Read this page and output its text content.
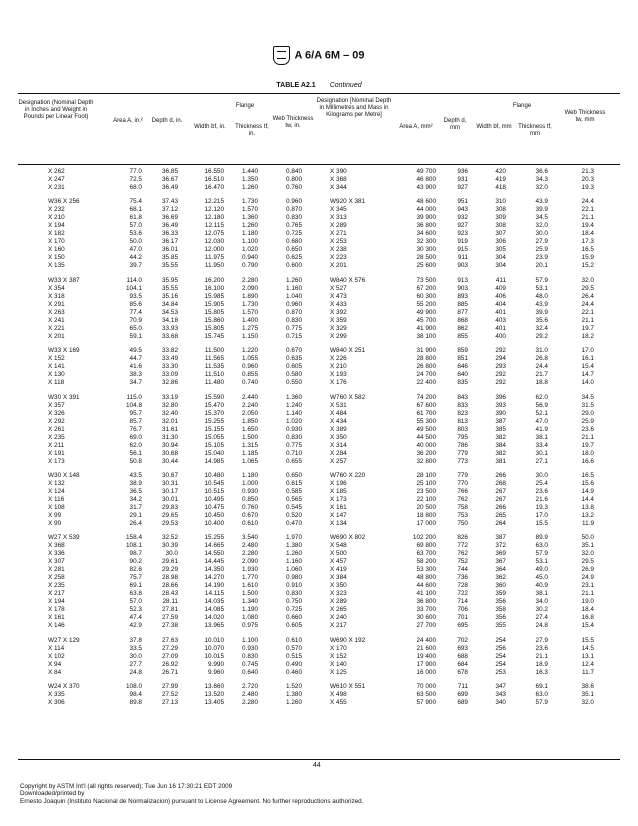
A 6/A 6M – 09
TABLE A2.1 Continued
Designation (Nominal Depth in Inches and Weight in Pounds per Linear Foot)
Area A, in.²	Depth d, in.
Flange
Width bf, in.	Thickness tf, in.
Web Thickness tw, in.
Designation [Nominal Depth in Millimetres and Mass in Kilograms per Metre]
Area A, mm²
Depth d, mm
Flange
Width bf, mm	Thickness tf, mm
Web Thickness tw, mm
X 262	77.0	36.85	16.550	1.440	0.840	X 390	49 700	936	420	36.6	21.3
X 247	72.5	36.67	16.510	1.350	0.800	X 368	46 800	931	419	34.3	20.3
X 231	68.0	36.49	16.470	1.260	0.760	X 344	43 900	927	418	32.0	19.3
W36 X 256	75.4	37.43	12.215	1.730	0.960	W920 X 381	48 600	951	310	43.9	24.4
X 232	68.1	37.12	12.120	1.570	0.870	X 345	44 000	943	308	39.9	22.1
X 210	61.8	36.69	12.180	1.360	0.830	X 313	39 900	932	309	34.5	21.1
X 194	57.0	36.49	12.115	1.260	0.765	X 289	36 800	927	308	32.0	19.4
X 182	53.6	36.33	12.075	1.180	0.725	X 271	34 600	923	307	30.0	18.4
X 170	50.0	36.17	12.030	1.100	0.680	X 253	32 300	919	306	27.9	17.3
X 160	47.0	36.01	12.000	1.020	0.650	X 238	30 300	915	305	25.9	16.5
X 150	44.2	35.85	11.975	0.940	0.625	X 223	28 500	911	304	23.9	15.9
X 135	39.7	35.55	11.950	0.790	0.600	X 201	25 600	903	304	20.1	15.2
W33 X 387	114.0	35.95	16.200	2.280	1.260	W840 X 576	73 500	913	411	57.9	32.0
X 354	104.1	35.55	16.100	2.090	1.160	X 527	67 200	903	409	53.1	29.5
X 318	93.5	35.16	15.985	1.890	1.040	X 473	60 300	893	406	48.0	26.4
X 291	85.6	34.84	15.905	1.730	0.960	X 433	55 200	885	404	43.9	24.4
X 263	77.4	34.53	15.805	1.570	0.870	X 392	49 900	877	401	39.9	22.1
X 241	70.9	34.18	15.860	1.400	0.830	X 359	45 700	868	403	35.6	21.1
X 221	65.0	33.93	15.805	1.275	0.775	X 329	41 900	862	401	32.4	19.7
X 201	59.1	33.68	15.745	1.150	0.715	X 299	38 100	855	400	29.2	18.2
W33 X 169	49.5	33.82	11.500	1.220	0.670	W840 X 251	31 900	859	292	31.0	17.0
X 152	44.7	33.49	11.565	1.055	0.635	X 226	28 800	851	294	26.8	16.1
X 141	41.6	33.30	11.535	0.960	0.605	X 210	26 800	846	293	24.4	15.4
X 130	38.3	33.09	11.510	0.855	0.580	X 193	24 700	840	292	21.7	14.7
X 118	34.7	32.86	11.480	0.740	0.550	X 176	22 400	835	292	18.8	14.0
W30 X 391	115.0	33.19	15.590	2.440	1.360	W760 X 582	74 200	843	396	62.0	34.5
X 357	104.8	32.80	15.470	2.240	1.240	X 531	67 600	833	393	56.9	31.5
X 326	95.7	32.40	15.370	2.050	1.140	X 484	61 700	823	390	52.1	29.0
X 292	85.7	32.01	15.255	1.850	1.020	X 434	55 300	813	387	47.0	25.9
X 261	76.7	31.61	15.155	1.650	0.930	X 389	49 500	803	385	41.9	23.6
X 235	69.0	31.30	15.055	1.500	0.830	X 350	44 500	795	382	38.1	21.1
X 211	62.0	30.94	15.105	1.315	0.775	X 314	40 000	786	384	33.4	19.7
X 191	56.1	30.68	15.040	1.185	0.710	X 284	36 200	779	382	30.1	18.0
X 173	50.8	30.44	14.985	1.065	0.655	X 257	32 800	773	381	27.1	16.6
W30 X 148	43.5	30.67	10.480	1.180	0.650	W760 X 220	28 100	779	266	30.0	16.5
X 132	38.9	30.31	10.545	1.000	0.615	X 196	25 100	770	268	25.4	15.6
X 124	36.5	30.17	10.515	0.930	0.585	X 185	23 500	766	267	23.6	14.9
X 116	34.2	30.01	10.495	0.850	0.565	X 173	22 100	762	267	21.6	14.4
X 108	31.7	29.83	10.475	0.760	0.545	X 161	20 500	758	266	19.3	13.8
X 99	29.1	29.65	10.450	0.670	0.520	X 147	18 800	753	265	17.0	13.2
X 90	26.4	29.53	10.400	0.610	0.470	X 134	17 000	750	264	15.5	11.9
W27 X 539	158.4	32.52	15.255	3.540	1.970	W690 X 802	102 200	826	387	89.9	50.0
X 368	108.1	30.39	14.665	2.480	1.380	X 548	69 800	772	372	63.0	35.1
X 336	98.7	30.0	14.550	2.280	1.260	X 500	63 700	762	369	57.9	32.0
X 307	90.2	29.61	14.445	2.090	1.160	X 457	58 200	752	367	53.1	29.5
X 281	82.6	29.29	14.350	1.930	1.060	X 419	53 300	744	364	49.0	26.9
X 258	75.7	28.98	14.270	1.770	0.980	X 384	48 800	736	362	45.0	24.9
X 235	69.1	28.66	14.190	1.610	0.910	X 350	44 600	728	360	40.9	23.1
X 217	63.8	28.43	14.115	1.500	0.830	X 323	41 100	722	359	38.1	21.1
X 194	57.0	28.11	14.035	1.340	0.750	X 289	36 800	714	356	34.0	19.0
X 178	52.3	27.81	14.085	1.190	0.725	X 265	33 700	706	358	30.2	18.4
X 161	47.4	27.59	14.020	1.080	0.660	X 240	30 600	701	356	27.4	16.8
X 146	42.9	27.38	13.965	0.975	0.605	X 217	27 700	695	355	24.8	15.4
W27 X 129	37.8	27.63	10.010	1.100	0.610	W690 X 192	24 400	702	254	27.9	15.5
X 114	33.5	27.29	10.070	0.930	0.570	X 170	21 600	693	256	23.6	14.5
X 102	30.0	27.09	10.015	0.830	0.515	X 152	19 400	688	254	21.1	13.1
X 94	27.7	26.92	9.990	0.745	0.490	X 140	17 900	684	254	18.9	12.4
X 84	24.8	26.71	9.960	0.640	0.460	X 125	16 000	678	253	16.3	11.7
W24 X 370	108.0	27.99	13.660	2.720	1.520	W610 X 551	70 000	711	347	69.1	38.6
X 335	98.4	27.52	13.520	2.480	1.380	X 498	63 500	699	343	63.0	35.1
X 306	89.8	27.13	13.405	2.280	1.260	X 455	57 900	689	340	57.9	32.0
44
Copyright by ASTM Int'l (all rights reserved); Tue Jun 16 17:30:21 EDT 2009
Downloaded/printed by
Ernesto Joaquin (Instituto Nacional de Normalizacion) pursuant to License Agreement. No further reproductions authorized.
